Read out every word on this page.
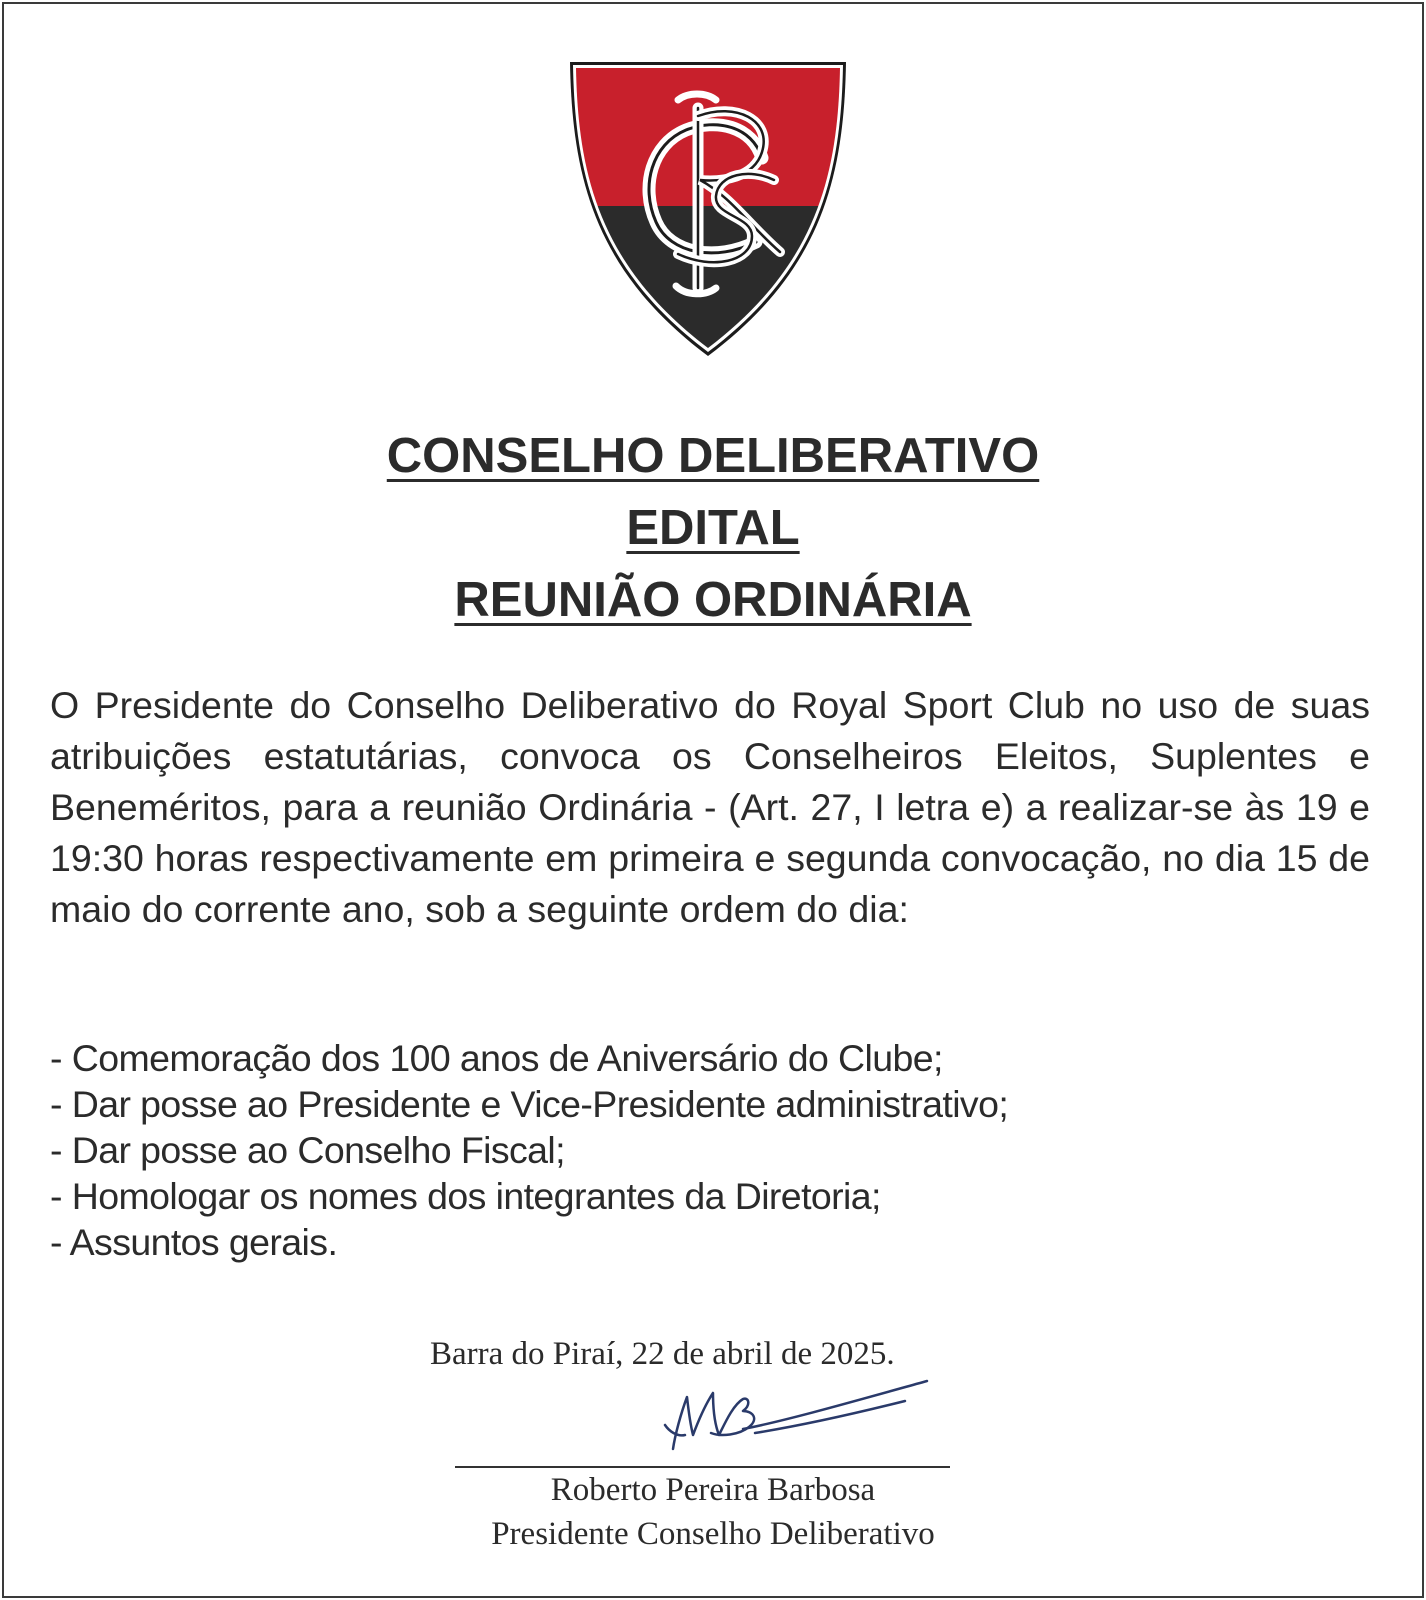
CONSELHO DELIBERATIVO
EDITAL
REUNIÃO ORDINÁRIA
O Presidente do Conselho Deliberativo do Royal Sport Club no uso de suas atribuições estatutárias, convoca os Conselheiros Eleitos, Suplentes e Beneméritos, para a reunião Ordinária - (Art. 27, I letra e) a realizar-se às 19 e 19:30 horas respectivamente em primeira e segunda convocação, no dia 15 de maio do corrente ano, sob a seguinte ordem do dia:
- Comemoração dos 100 anos de Aniversário do Clube;
- Dar posse ao Presidente e Vice-Presidente administrativo;
- Dar posse ao Conselho Fiscal;
- Homologar os nomes dos integrantes da Diretoria;
- Assuntos gerais.
Barra do Piraí, 22 de abril de 2025.
Roberto Pereira Barbosa
Presidente Conselho Deliberativo
